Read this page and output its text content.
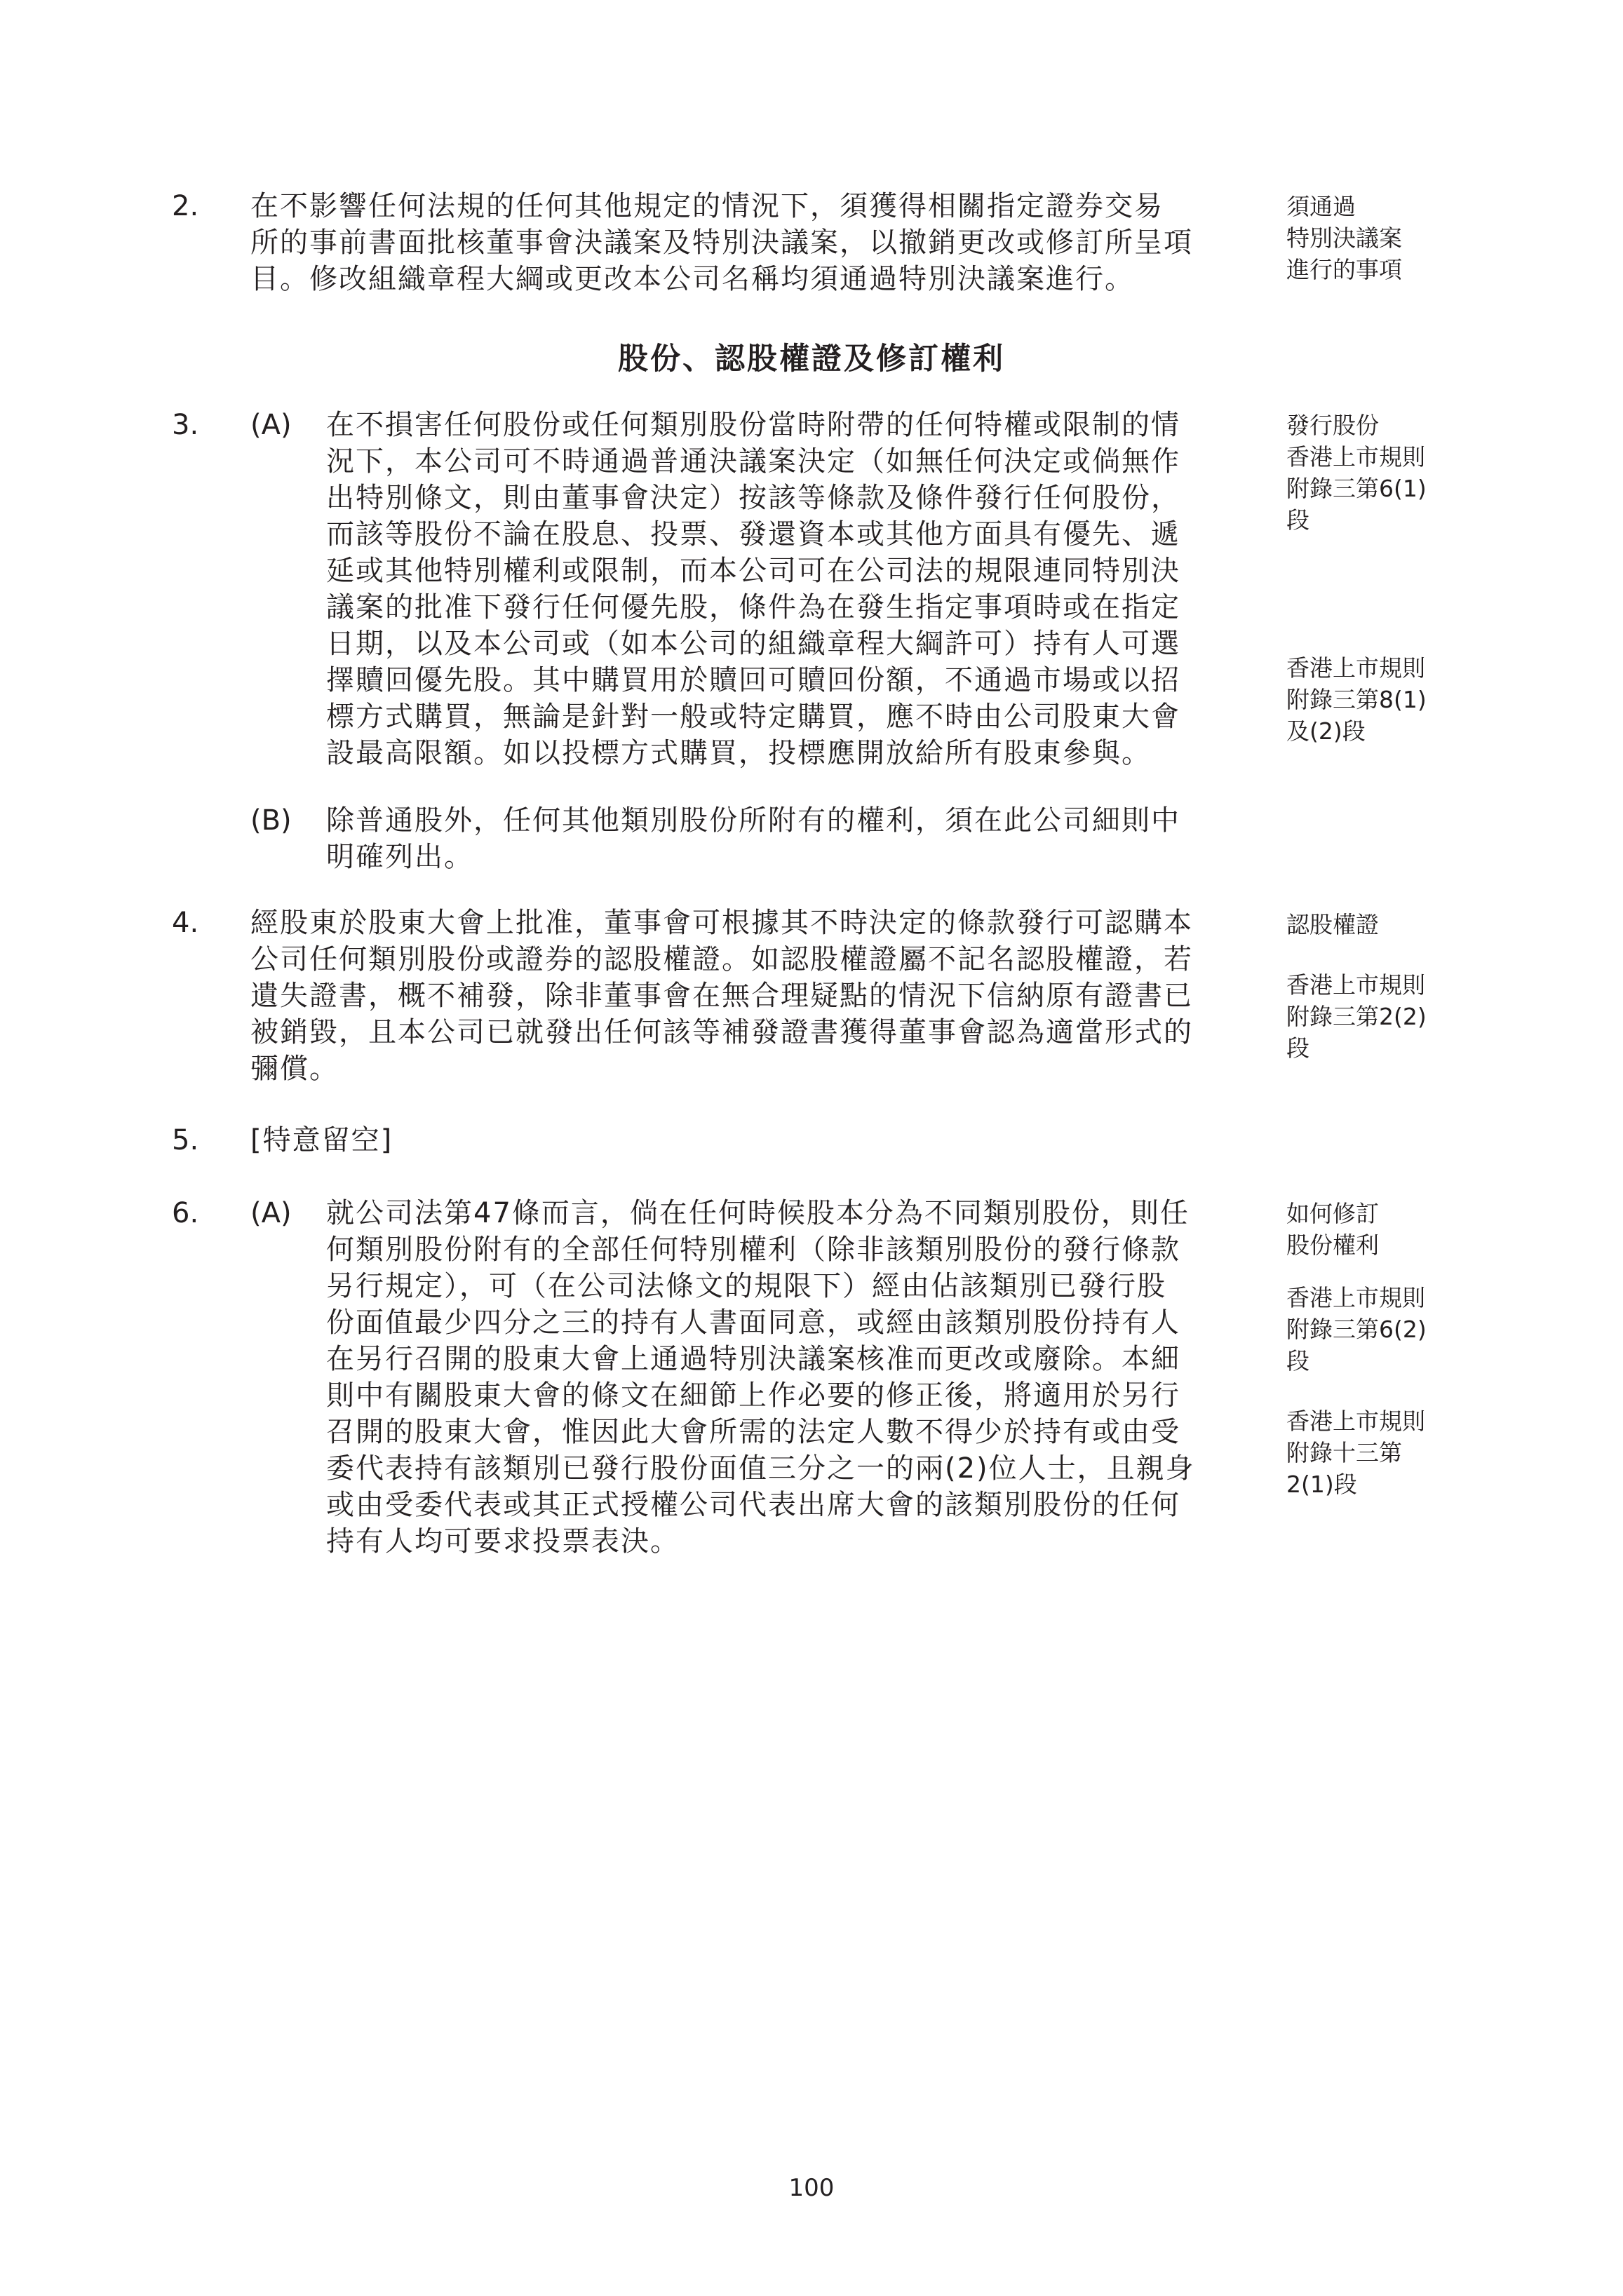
2. 在不影響任何法規的任何其他規定的情況下，須獲得相關指定證券交易
所的事前書面批核董事會決議案及特別決議案，以撤銷更改或修訂所呈項
目。修改組織章程大綱或更改本公司名稱均須通過特別決議案進行。
須通過
特別決議案
進行的事項
股份、認股權證及修訂權利
3. (A) 在不損害任何股份或任何類別股份當時附帶的任何特權或限制的情
況下，本公司可不時通過普通決議案決定（如無任何決定或倘無作
出特別條文，則由董事會決定）按該等條款及條件發行任何股份，
而該等股份不論在股息、投票、發還資本或其他方面具有優先、遞
延或其他特別權利或限制，而本公司可在公司法的規限連同特別決
議案的批准下發行任何優先股，條件為在發生指定事項時或在指定
日期，以及本公司或（如本公司的組織章程大綱許可）持有人可選
擇贖回優先股。其中購買用於贖回可贖回份額，不通過市場或以招
標方式購買，無論是針對一般或特定購買，應不時由公司股東大會
設最高限額。如以投標方式購買，投標應開放給所有股東參與。
發行股份
香港上市規則
附錄三第6(1)
段
香港上市規則
附錄三第8(1)
及(2)段
(B) 除普通股外，任何其他類別股份所附有的權利，須在此公司細則中
明確列出。
4. 經股東於股東大會上批准，董事會可根據其不時決定的條款發行可認購本
公司任何類別股份或證券的認股權證。如認股權證屬不記名認股權證，若
遺失證書，概不補發，除非董事會在無合理疑點的情況下信納原有證書已
被銷毀，且本公司已就發出任何該等補發證書獲得董事會認為適當形式的
彌償。
認股權證
香港上市規則
附錄三第2(2)
段
5. [特意留空]
6. (A) 就公司法第47條而言，倘在任何時候股本分為不同類別股份，則任
何類別股份附有的全部任何特別權利（除非該類別股份的發行條款
另行規定），可（在公司法條文的規限下）經由佔該類別已發行股
份面值最少四分之三的持有人書面同意，或經由該類別股份持有人
在另行召開的股東大會上通過特別決議案核准而更改或廢除。本細
則中有關股東大會的條文在細節上作必要的修正後，將適用於另行
召開的股東大會，惟因此大會所需的法定人數不得少於持有或由受
委代表持有該類別已發行股份面值三分之一的兩(2)位人士，且親身
或由受委代表或其正式授權公司代表出席大會的該類別股份的任何
持有人均可要求投票表決。
如何修訂
股份權利
香港上市規則
附錄三第6(2)
段
香港上市規則
附錄十三第
2(1)段
100
